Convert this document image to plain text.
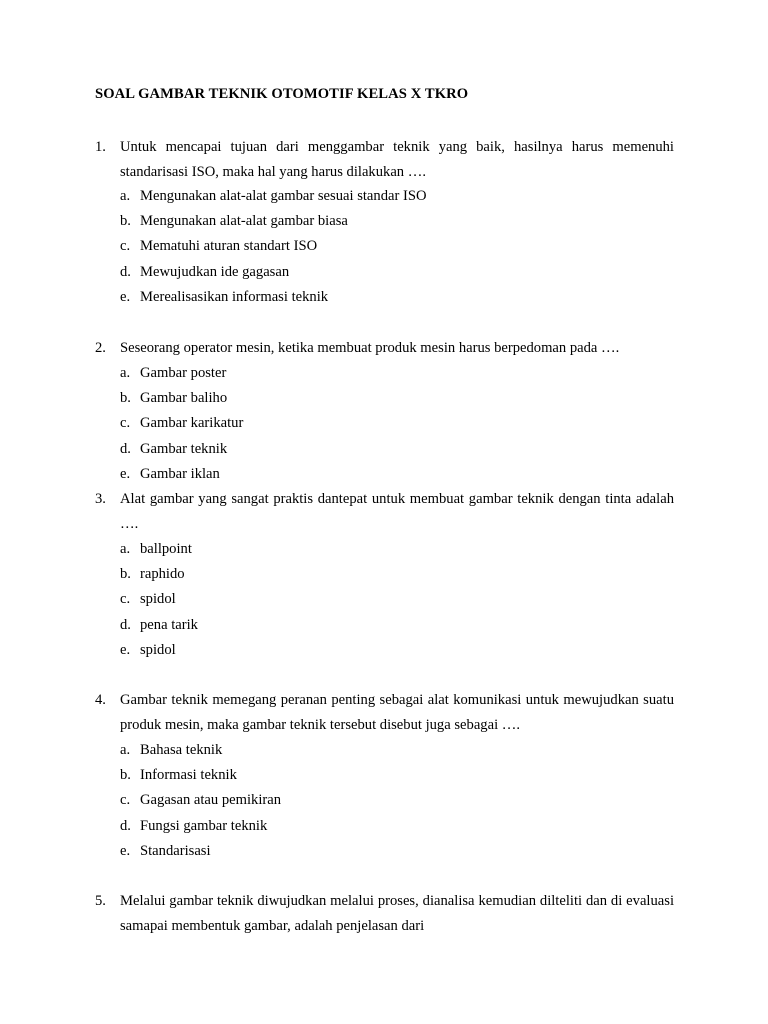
SOAL GAMBAR TEKNIK OTOMOTIF KELAS X TKRO
1. Untuk mencapai tujuan dari menggambar teknik yang baik, hasilnya harus memenuhi standarisasi ISO, maka hal yang harus dilakukan ….

a. Mengunakan alat-alat gambar sesuai standar ISO
b. Mengunakan alat-alat gambar biasa
c. Mematuhi aturan standart ISO
d. Mewujudkan ide gagasan
e. Merealisasikan informasi teknik
2. Seseorang operator mesin, ketika membuat produk mesin harus berpedoman pada ….

a. Gambar poster
b. Gambar baliho
c. Gambar karikatur
d. Gambar teknik
e. Gambar iklan
3. Alat gambar yang sangat praktis dantepat untuk membuat gambar teknik dengan tinta adalah ….

a. ballpoint
b. raphido
c. spidol
d. pena tarik
e. spidol
4. Gambar teknik memegang peranan penting sebagai alat komunikasi untuk mewujudkan suatu produk mesin, maka gambar teknik tersebut disebut juga sebagai ….

a. Bahasa teknik
b. Informasi teknik
c. Gagasan atau pemikiran
d. Fungsi gambar teknik
e. Standarisasi
5. Melalui gambar teknik diwujudkan melalui proses, dianalisa kemudian dilteliti dan di evaluasi samapai membentuk gambar, adalah penjelasan dari
